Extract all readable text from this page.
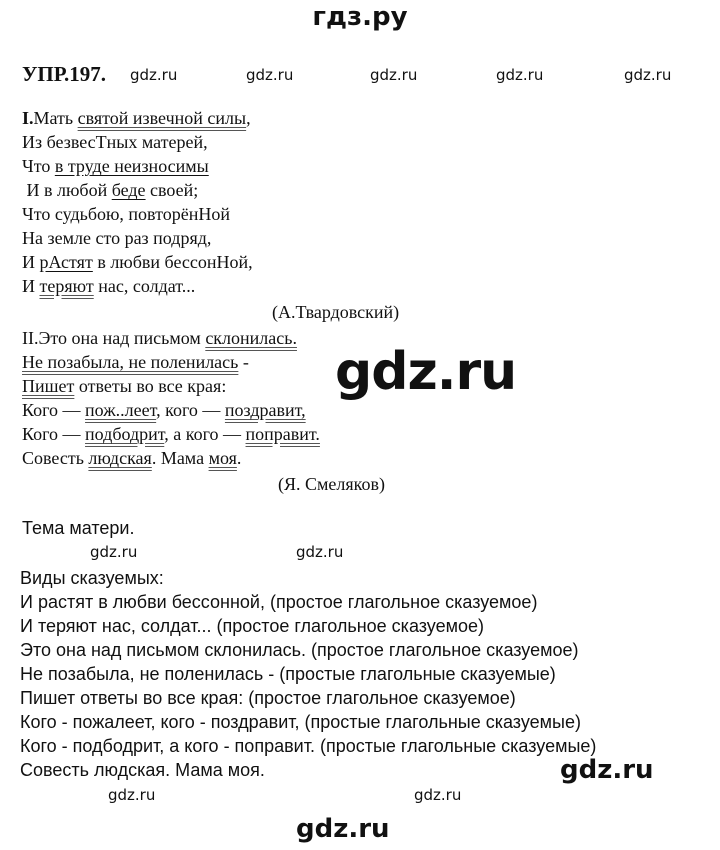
гдз.ру
УПР.197. gdz.ru	gdz.ru	gdz.ru	gdz.ru	gdz.ru
I.Мать святой извечной силы,
Из безвесТных матерей,
Что в труде неизносимы
И в любой беде своей;
Что судьбою, повторёнНой
На земле сто раз подряд,
И рАстят в любви бессонНой,
И теряют нас, солдат...
(А.Твардовский)
II.Это она над письмом склонилась.
Не позабыла, не поленилась -
Пишет ответы во все края:
Кого — пож..леет, кого — поздравит,
Кого — подбодрит, а кого — поправит.
Совесть людская. Мама моя.
(Я. Смеляков)
gdz.ru
Тема матери.
gdz.ru	gdz.ru
Виды сказуемых:
И растят в любви бессонной, (простое глагольное сказуемое)
И теряют нас, солдат... (простое глагольное сказуемое)
Это она над письмом склонилась. (простое глагольное сказуемое)
Не позабыла, не поленилась - (простые глагольные сказуемые)
Пишет ответы во все края: (простое глагольное сказуемое)
Кого - пожалеет, кого - поздравит, (простые глагольные сказуемые)
Кого - подбодрит, а кого - поправит. (простые глагольные сказуемые)
Совесть людская. Мама моя.	gdz.ru
gdz.ru	gdz.ru
gdz.ru
